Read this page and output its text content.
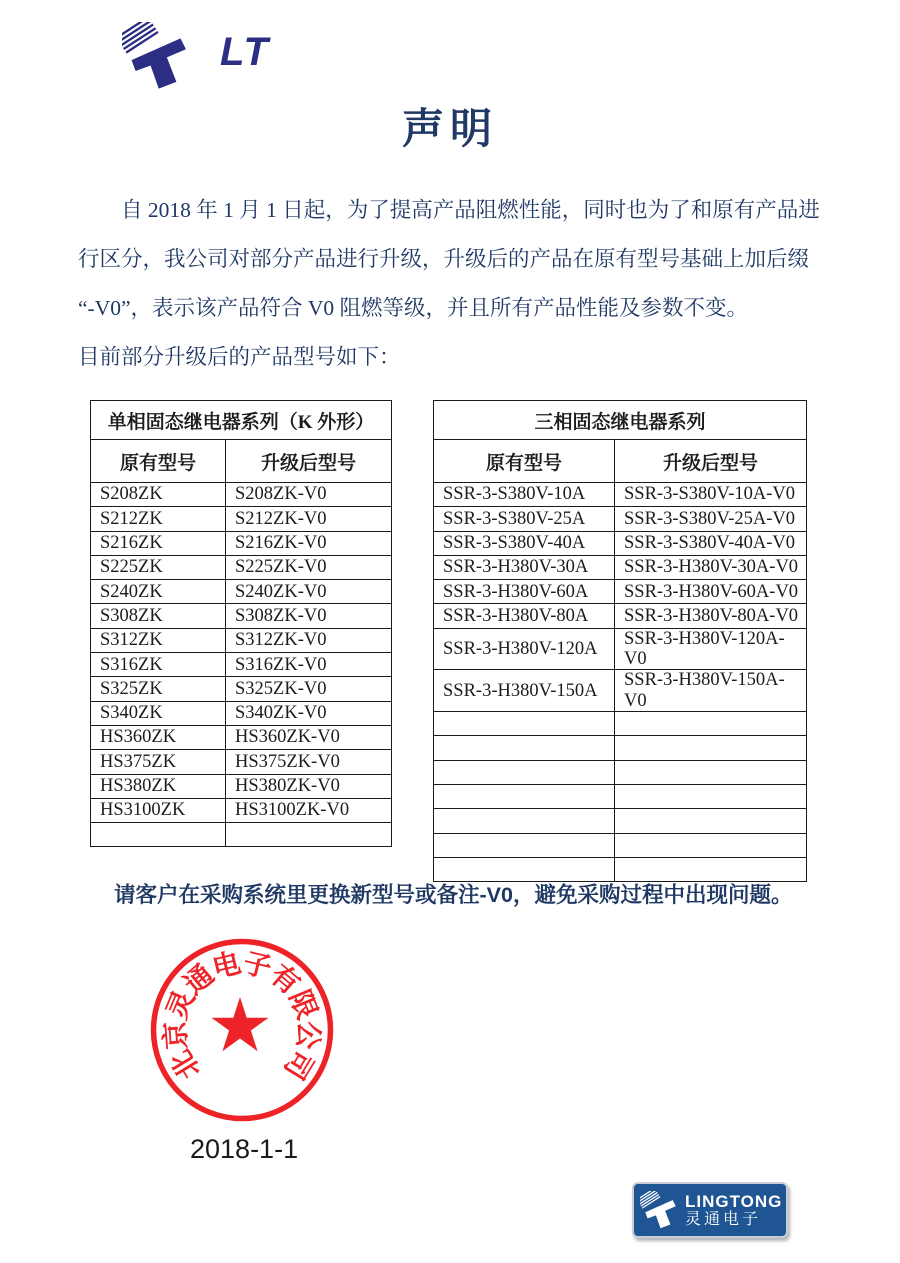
LT
声明
自 2018 年 1 月 1 日起，为了提高产品阻燃性能，同时也为了和原有产品进
行区分，我公司对部分产品进行升级，升级后的产品在原有型号基础上加后缀
“-V0”，表示该产品符合 V0 阻燃等级，并且所有产品性能及参数不变。
目前部分升级后的产品型号如下：
单相固态继电器系列（K 外形）	
原有型号	升级后型号
S208ZK	S208ZK-V0
S212ZK	S212ZK-V0
S216ZK	S216ZK-V0
S225ZK	S225ZK-V0
S240ZK	S240ZK-V0
S308ZK	S308ZK-V0
S312ZK	S312ZK-V0
S316ZK	S316ZK-V0
S325ZK	S325ZK-V0
S340ZK	S340ZK-V0
HS360ZK	HS360ZK-V0
HS375ZK	HS375ZK-V0
HS380ZK	HS380ZK-V0
HS3100ZK	HS3100ZK-V0

三相固态继电器系列	
原有型号	升级后型号
SSR-3-S380V-10A	SSR-3-S380V-10A-V0
SSR-3-S380V-25A	SSR-3-S380V-25A-V0
SSR-3-S380V-40A	SSR-3-S380V-40A-V0
SSR-3-H380V-30A	SSR-3-H380V-30A-V0
SSR-3-H380V-60A	SSR-3-H380V-60A-V0
SSR-3-H380V-80A	SSR-3-H380V-80A-V0
SSR-3-H380V-120A	SSR-3-H380V-120A-V0
SSR-3-H380V-150A	SSR-3-H380V-150A-V0

请客户在采购系统里更换新型号或备注-V0，避免采购过程中出现问题。
北
京
灵
通
电
子
有
限
公
司
2018-1-1
LINGTONG
灵通电子
